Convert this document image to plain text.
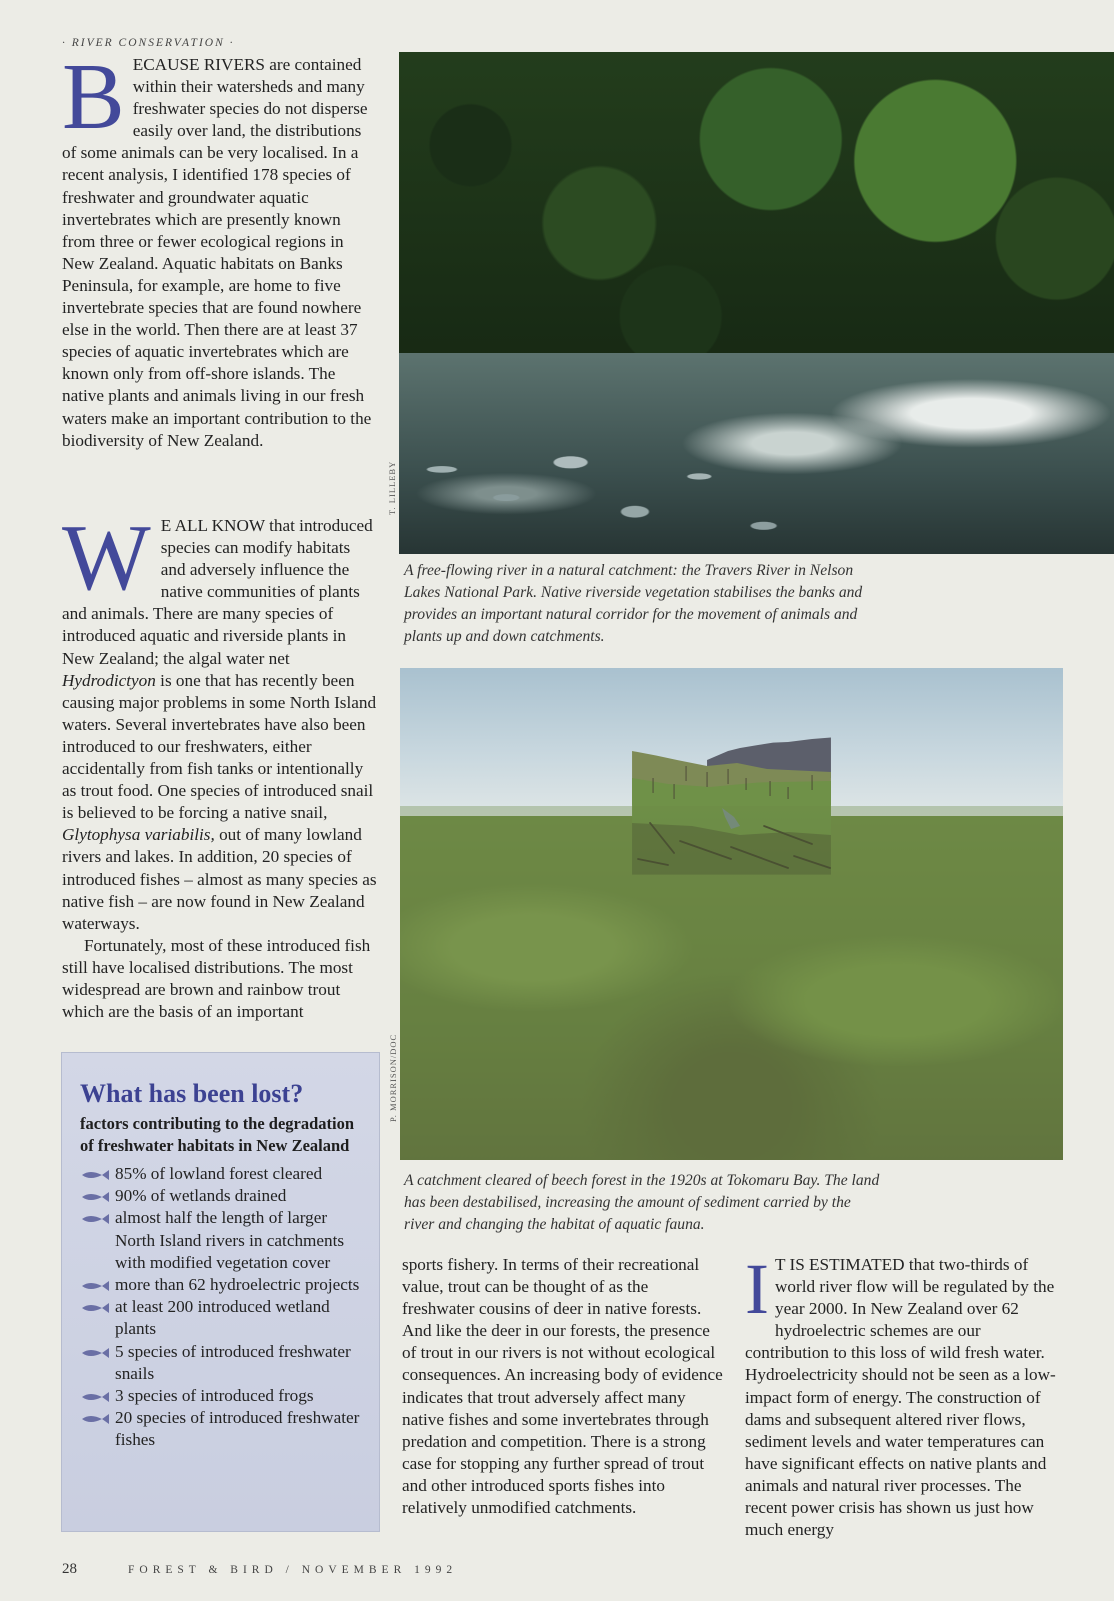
· RIVER CONSERVATION ·

BECAUSE RIVERS are contained within their watersheds and many freshwater species do not disperse easily over land, the distributions of some animals can be very localised. In a recent analysis, I identified 178 species of freshwater and groundwater aquatic invertebrates which are presently known from three or fewer ecological regions in New Zealand. Aquatic habitats on Banks Peninsula, for example, are home to five invertebrate species that are found nowhere else in the world. Then there are at least 37 species of aquatic invertebrates which are known only from off-shore islands. The native plants and animals living in our fresh waters make an important contribution to the biodiversity of New Zealand.

W E ALL KNOW that introduced species can modify habitats and adversely influence the native communities of plants and animals. There are many species of introduced aquatic and riverside plants in New Zealand; the algal water net Hydrodictyon is one that has recently been causing major problems in some North Island waters. Several invertebrates have also been introduced to our freshwaters, either accidentally from fish tanks or intentionally as trout food. One species of introduced snail is believed to be forcing a native snail, Glytophysa variabilis, out of many lowland rivers and lakes. In addition, 20 species of introduced fishes – almost as many species as native fish – are now found in New Zealand waterways.

Fortunately, most of these introduced fish still have localised distributions. The most widespread are brown and rainbow trout which are the basis of an important

T. LILLEBY
A free-flowing river in a natural catchment: the Travers River in Nelson Lakes National Park. Native riverside vegetation stabilises the banks and provides an important natural corridor for the movement of animals and plants up and down catchments.
P. MORRISON/DOC
A catchment cleared of beech forest in the 1920s at Tokomaru Bay. The land has been destabilised, increasing the amount of sediment carried by the river and changing the habitat of aquatic fauna.
What has been lost?

factors contributing to the degradation of freshwater habitats in New Zealand

85% of lowland forest cleared
90% of wetlands drained
almost half the length of larger North Island rivers in catchments with modified vegetation cover
more than 62 hydroelectric projects
at least 200 introduced wetland plants
5 species of introduced freshwater snails
3 species of introduced frogs
20 species of introduced freshwater fishes

sports fishery. In terms of their recreational value, trout can be thought of as the freshwater cousins of deer in native forests. And like the deer in our forests, the presence of trout in our rivers is not without ecological consequences. An increasing body of evidence indicates that trout adversely affect many native fishes and some invertebrates through predation and competition. There is a strong case for stopping any further spread of trout and other introduced sports fishes into relatively unmodified catchments.

I T IS ESTIMATED that two-thirds of world river flow will be regulated by the year 2000. In New Zealand over 62 hydroelectric schemes are our contribution to this loss of wild fresh water. Hydroelectricity should not be seen as a low-impact form of energy. The construction of dams and subsequent altered river flows, sediment levels and water temperatures can have significant effects on native plants and animals and natural river processes. The recent power crisis has shown us just how much energy

28	FOREST & BIRD / NOVEMBER 1992
